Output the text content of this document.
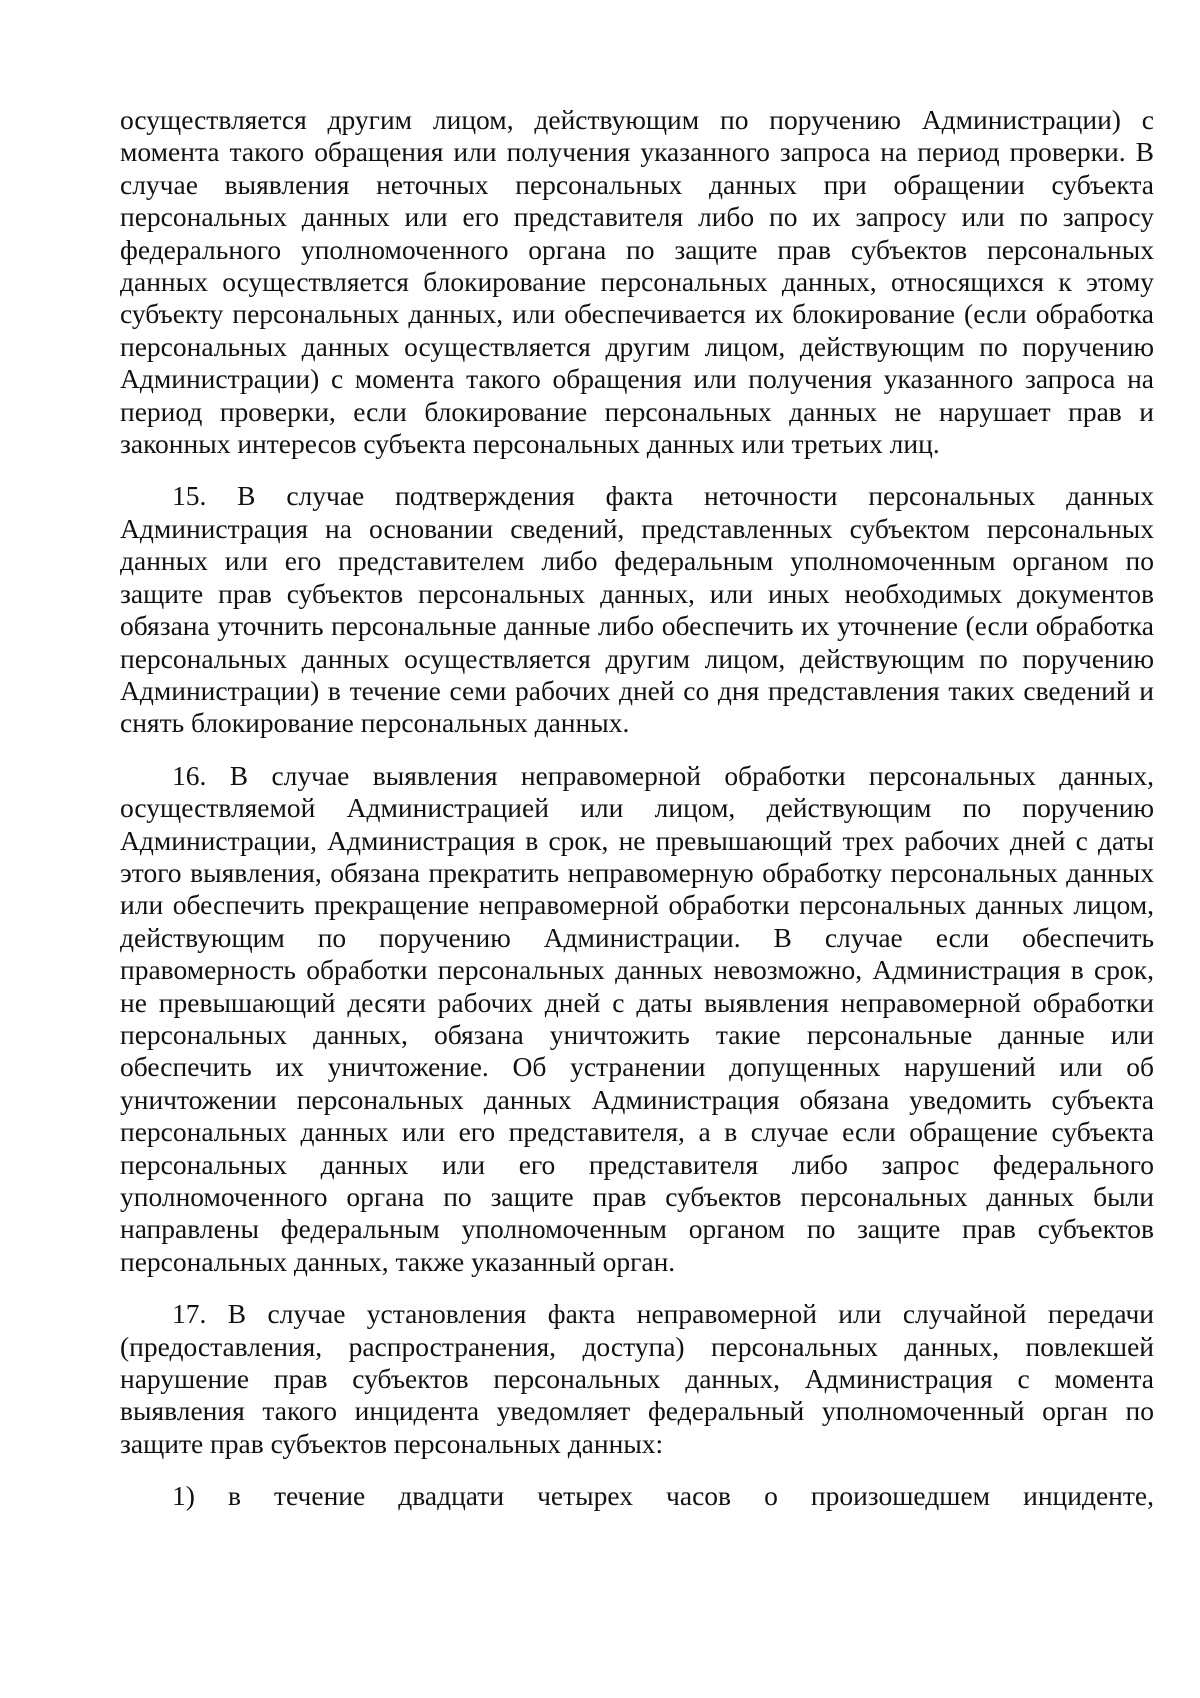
осуществляется другим лицом, действующим по поручению Администрации) с момента такого обращения или получения указанного запроса на период проверки. В случае выявления неточных персональных данных при обращении субъекта персональных данных или его представителя либо по их запросу или по запросу федерального уполномоченного органа по защите прав субъектов персональных данных осуществляется блокирование персональных данных, относящихся к этому субъекту персональных данных, или обеспечивается их блокирование (если обработка персональных данных осуществляется другим лицом, действующим по поручению Администрации) с момента такого обращения или получения указанного запроса на период проверки, если блокирование персональных данных не нарушает прав и законных интересов субъекта персональных данных или третьих лиц.

15. В случае подтверждения факта неточности персональных данных Администрация на основании сведений, представленных субъектом персональных данных или его представителем либо федеральным уполномоченным органом по защите прав субъектов персональных данных, или иных необходимых документов обязана уточнить персональные данные либо обеспечить их уточнение (если обработка персональных данных осуществляется другим лицом, действующим по поручению Администрации) в течение семи рабочих дней со дня представления таких сведений и снять блокирование персональных данных.

16. В случае выявления неправомерной обработки персональных данных, осуществляемой Администрацией или лицом, действующим по поручению Администрации, Администрация в срок, не превышающий трех рабочих дней с даты этого выявления, обязана прекратить неправомерную обработку персональных данных или обеспечить прекращение неправомерной обработки персональных данных лицом, действующим по поручению Администрации. В случае если обеспечить правомерность обработки персональных данных невозможно, Администрация в срок, не превышающий десяти рабочих дней с даты выявления неправомерной обработки персональных данных, обязана уничтожить такие персональные данные или обеспечить их уничтожение. Об устранении допущенных нарушений или об уничтожении персональных данных Администрация обязана уведомить субъекта персональных данных или его представителя, а в случае если обращение субъекта персональных данных или его представителя либо запрос федерального уполномоченного органа по защите прав субъектов персональных данных были направлены федеральным уполномоченным органом по защите прав субъектов персональных данных, также указанный орган.

17. В случае установления факта неправомерной или случайной передачи (предоставления, распространения, доступа) персональных данных, повлекшей нарушение прав субъектов персональных данных, Администрация с момента выявления такого инцидента уведомляет федеральный уполномоченный орган по защите прав субъектов персональных данных:

1) в течение двадцати четырех часов о произошедшем инциденте,
